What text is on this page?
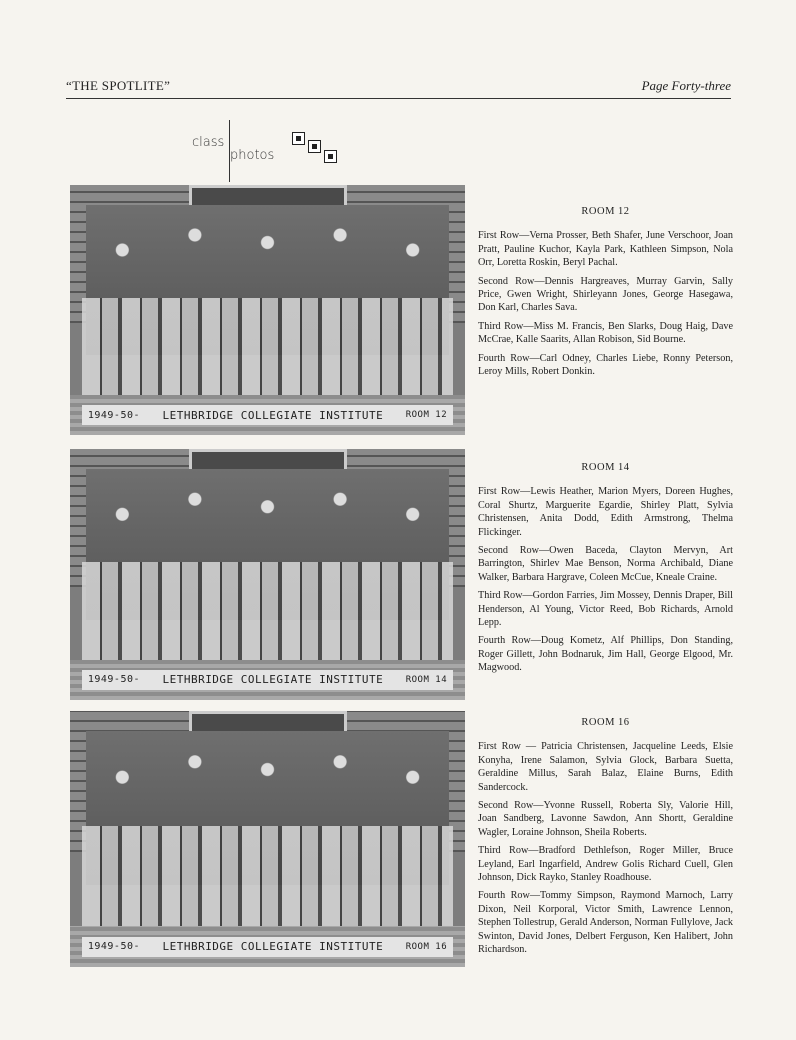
“THE SPOTLITE”	Page Forty-three
class
photos
1949-50- LETHBRIDGE COLLEGIATE INSTITUTE ROOM 12
1949-50- LETHBRIDGE COLLEGIATE INSTITUTE ROOM 14
1949-50- LETHBRIDGE COLLEGIATE INSTITUTE ROOM 16
ROOM 12

First Row—Verna Prosser, Beth Shafer, June Verschoor, Joan Pratt, Pauline Kuchor, Kayla Park, Kathleen Simpson, Nola Orr, Loretta Roskin, Beryl Pachal.

Second Row—Dennis Hargreaves, Murray Garvin, Sally Price, Gwen Wright, Shirleyann Jones, George Hasegawa, Don Karl, Charles Sava.

Third Row—Miss M. Francis, Ben Slarks, Doug Haig, Dave McCrae, Kalle Saarits, Allan Robison, Sid Bourne.

Fourth Row—Carl Odney, Charles Liebe, Ronny Peterson, Leroy Mills, Robert Donkin.

ROOM 14

First Row—Lewis Heather, Marion Myers, Doreen Hughes, Coral Shurtz, Marguerite Egardie, Shirley Platt, Sylvia Christensen, Anita Dodd, Edith Armstrong, Thelma Flickinger.

Second Row—Owen Baceda, Clayton Mervyn, Art Barrington, Shirlev Mae Benson, Norma Archibald, Diane Walker, Barbara Hargrave, Coleen McCue, Kneale Craine.

Third Row—Gordon Farries, Jim Mossey, Dennis Draper, Bill Henderson, Al Young, Victor Reed, Bob Richards, Arnold Lepp.

Fourth Row—Doug Kometz, Alf Phillips, Don Standing, Roger Gillett, John Bodnaruk, Jim Hall, George Elgood, Mr. Magwood.

ROOM 16

First Row — Patricia Christensen, Jacqueline Leeds, Elsie Konyha, Irene Salamon, Sylvia Glock, Barbara Suetta, Geraldine Millus, Sarah Balaz, Elaine Burns, Edith Sandercock.

Second Row—Yvonne Russell, Roberta Sly, Valorie Hill, Joan Sandberg, Lavonne Sawdon, Ann Shortt, Geraldine Wagler, Loraine Johnson, Sheila Roberts.

Third Row—Bradford Dethlefson, Roger Miller, Bruce Leyland, Earl Ingarfield, Andrew Golis Richard Cuell, Glen Johnson, Dick Rayko, Stanley Roadhouse.

Fourth Row—Tommy Simpson, Raymond Marnoch, Larry Dixon, Neil Korporal, Victor Smith, Lawrence Lennon, Stephen Tollestrup, Gerald Anderson, Norman Fullylove, Jack Swinton, David Jones, Delbert Ferguson, Ken Halibert, John Richardson.
